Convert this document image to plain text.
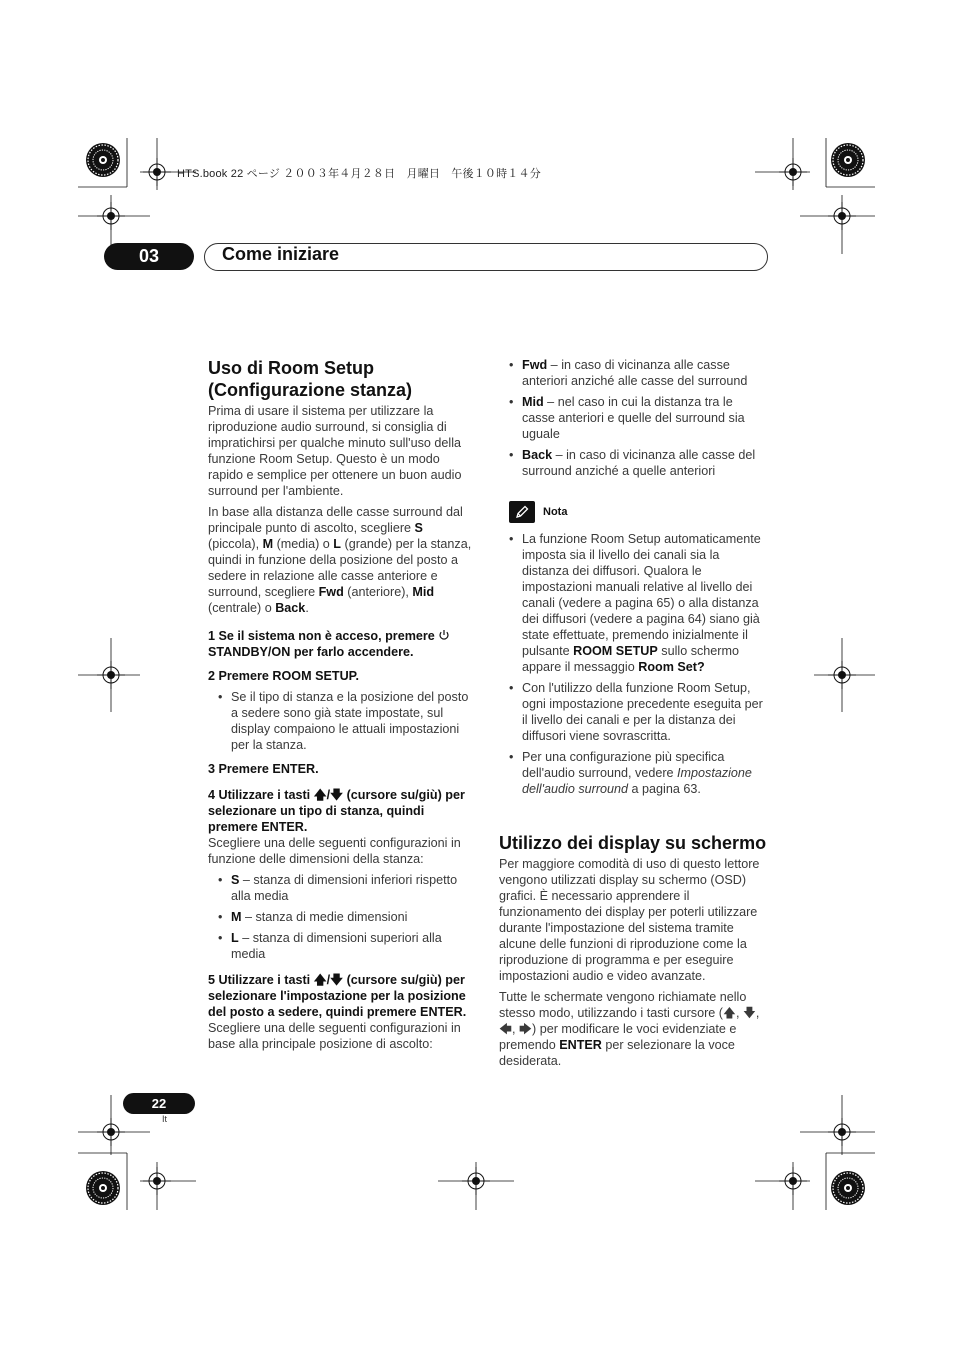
HTS.book 22 ページ ２００３年４月２８日　月曜日　午後１０時１４分
03	Come iniziare
Uso di Room Setup (Configurazione stanza)

Prima di usare il sistema per utilizzare la riproduzione audio surround, si consiglia di impratichirsi per qualche minuto sull'uso della funzione Room Setup. Questo è un modo rapido e semplice per ottenere un buon audio surround per l'ambiente.

In base alla distanza delle casse surround dal principale punto di ascolto, scegliere S (piccola), M (media) o L (grande) per la stanza, quindi in funzione della posizione del posto a sedere in relazione alle casse anteriore e surround, scegliere Fwd (anteriore), Mid (centrale) o Back.

1 Se il sistema non è acceso, premere
STANDBY/ON per farlo accendere.

2 Premere ROOM SETUP.

• Se il tipo di stanza e la posizione del posto a sedere sono già state impostate, sul display compaiono le attuali impostazioni per la stanza.

3 Premere ENTER.

4 Utilizzare i tasti 🡅/🡇 (cursore su/giù) per selezionare un tipo di stanza, quindi premere ENTER.

Scegliere una delle seguenti configurazioni in funzione delle dimensioni della stanza:

• S – stanza di dimensioni inferiori rispetto alla media
• M – stanza di medie dimensioni
• L – stanza di dimensioni superiori alla media

5 Utilizzare i tasti 🡅/🡇 (cursore su/giù) per selezionare l'impostazione per la posizione del posto a sedere, quindi premere ENTER.

Scegliere una delle seguenti configurazioni in base alla principale posizione di ascolto:

• Fwd – in caso di vicinanza alle casse anteriori anziché alle casse del surround
• Mid – nel caso in cui la distanza tra le casse anteriori e quelle del surround sia uguale
• Back – in caso di vicinanza alle casse del surround anziché a quelle anteriori
Nota
• La funzione Room Setup automaticamente imposta sia il livello dei canali sia la distanza dei diffusori. Qualora le impostazioni manuali relative al livello dei canali (vedere a pagina 65) o alla distanza dei diffusori (vedere a pagina 64) siano già state effettuate, premendo inizialmente il pulsante ROOM SETUP sullo schermo appare il messaggio Room Set?
• Con l'utilizzo della funzione Room Setup, ogni impostazione precedente eseguita per il livello dei canali e per la distanza dei diffusori viene sovrascritta.
• Per una configurazione più specifica dell'audio surround, vedere Impostazione dell'audio surround a pagina 63.
Utilizzo dei display su schermo

Per maggiore comodità di uso di questo lettore vengono utilizzati display su schermo (OSD) grafici. È necessario apprendere il funzionamento dei display per poterli utilizzare durante l'impostazione del sistema tramite alcune delle funzioni di riproduzione come la riproduzione di programma e per eseguire impostazioni audio e video avanzate.

Tutte le schermate vengono richiamate nello stesso modo, utilizzando i tasti cursore (🡅, 🡇, 🡄, 🡆) per modificare le voci evidenziate e premendo ENTER per selezionare la voce desiderata.

22
It
